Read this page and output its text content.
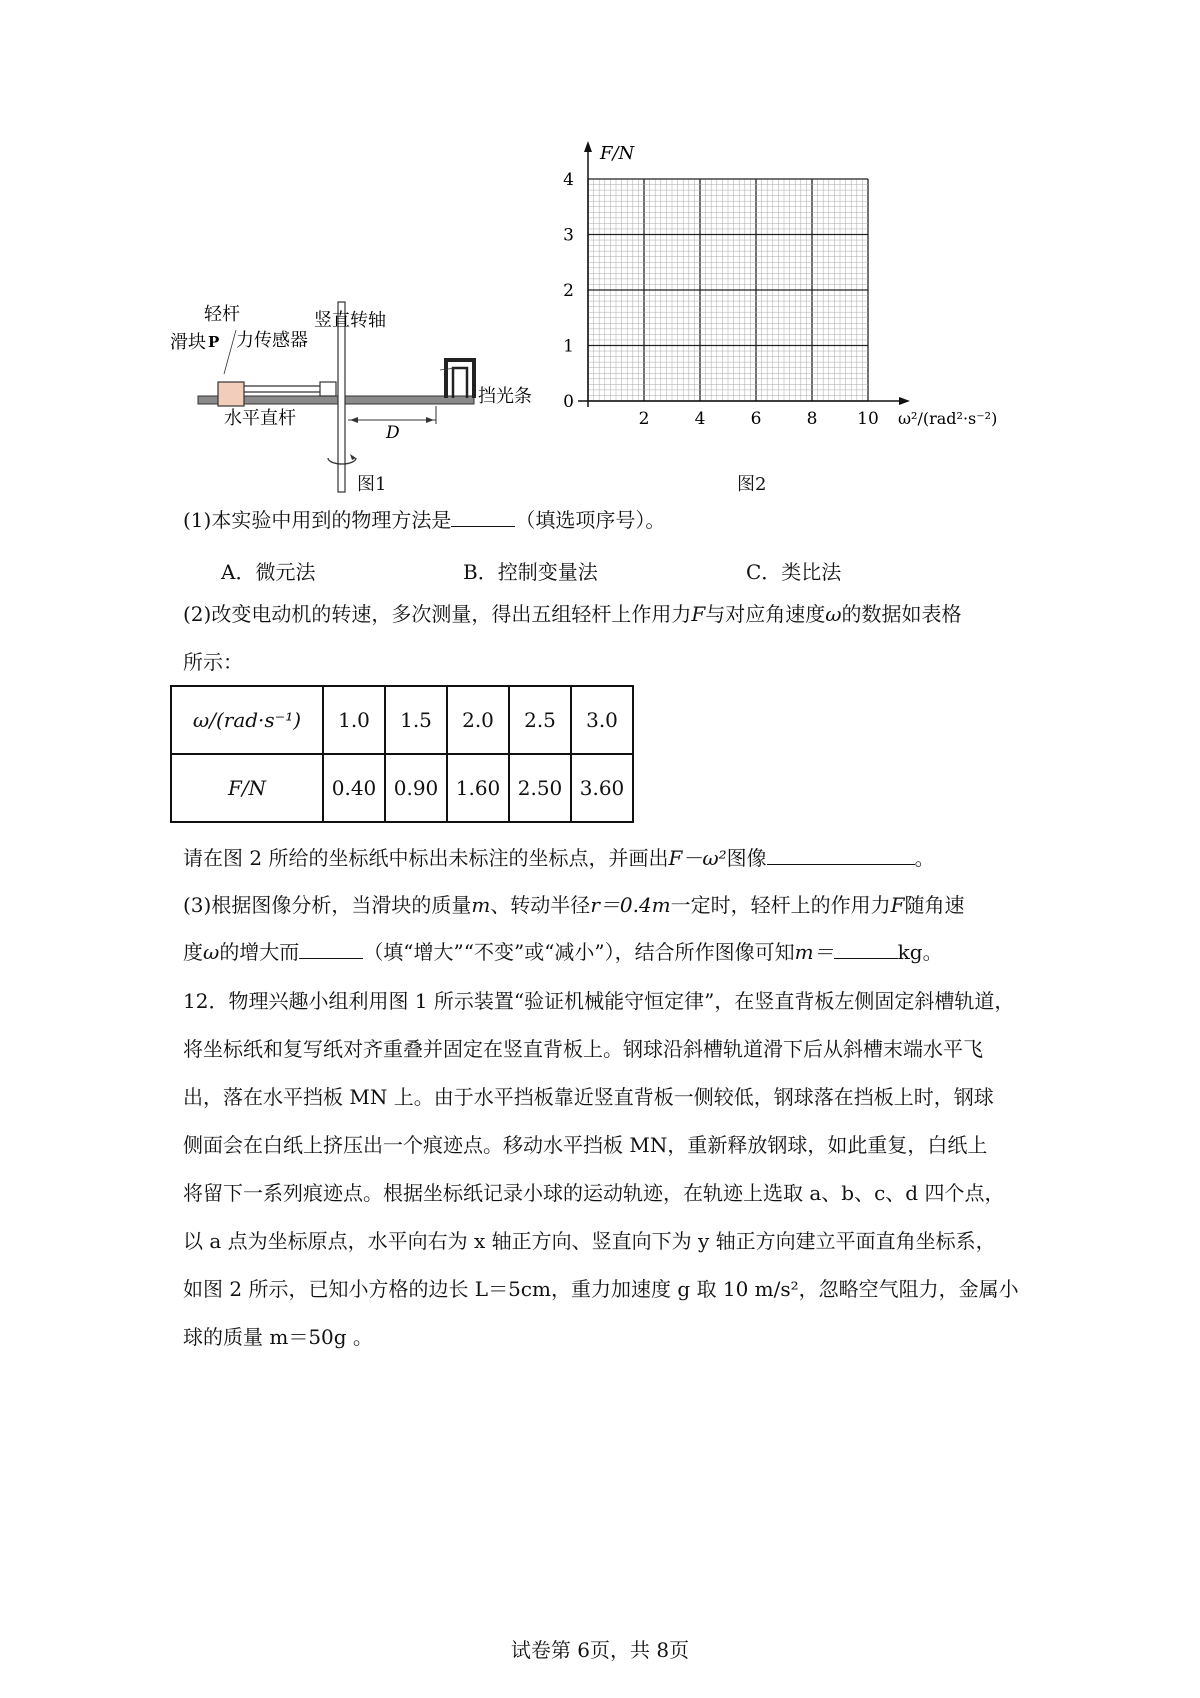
轻杆
滑块 P 力传感器
竖直转轴
水平直杆
D
挡光条
图1
4
3
2
1
0
2	4	6	8 10
F/N
ω²/(rad²·s⁻²)
图2
(1)本实验中用到的物理方法是	（填选项序号）。
A．微元法	B．控制变量法	C．类比法
(2)改变电动机的转速，多次测量，得出五组轻杆上作用力F与对应角速度ω的数据如表格
所示：
ω/(rad·s⁻¹)	1.0	1.5	2.0	2.5	3.0
F/N	0.40	0.90	1.60	2.50	3.60
请在图 2 所给的坐标纸中标出未标注的坐标点，并画出F－ω²图像	。
(3)根据图像分析，当滑块的质量m、转动半径r＝0.4m一定时，轻杆上的作用力F随角速
度ω的增大而	（填“增大”“不变”或“减小”），结合所作图像可知m＝	kg。
12．物理兴趣小组利用图 1 所示装置“验证机械能守恒定律”，在竖直背板左侧固定斜槽轨道，
将坐标纸和复写纸对齐重叠并固定在竖直背板上。钢球沿斜槽轨道滑下后从斜槽末端水平飞
出，落在水平挡板 MN 上。由于水平挡板靠近竖直背板一侧较低，钢球落在挡板上时，钢球
侧面会在白纸上挤压出一个痕迹点。移动水平挡板 MN，重新释放钢球，如此重复，白纸上
将留下一系列痕迹点。根据坐标纸记录小球的运动轨迹，在轨迹上选取 a、b、c、d 四个点，
以 a 点为坐标原点，水平向右为 x 轴正方向、竖直向下为 y 轴正方向建立平面直角坐标系，
如图 2 所示，已知小方格的边长 L＝5cm，重力加速度 g 取 10 m/s²，忽略空气阻力，金属小
球的质量 m＝50g 。
试卷第 6页，共 8页
